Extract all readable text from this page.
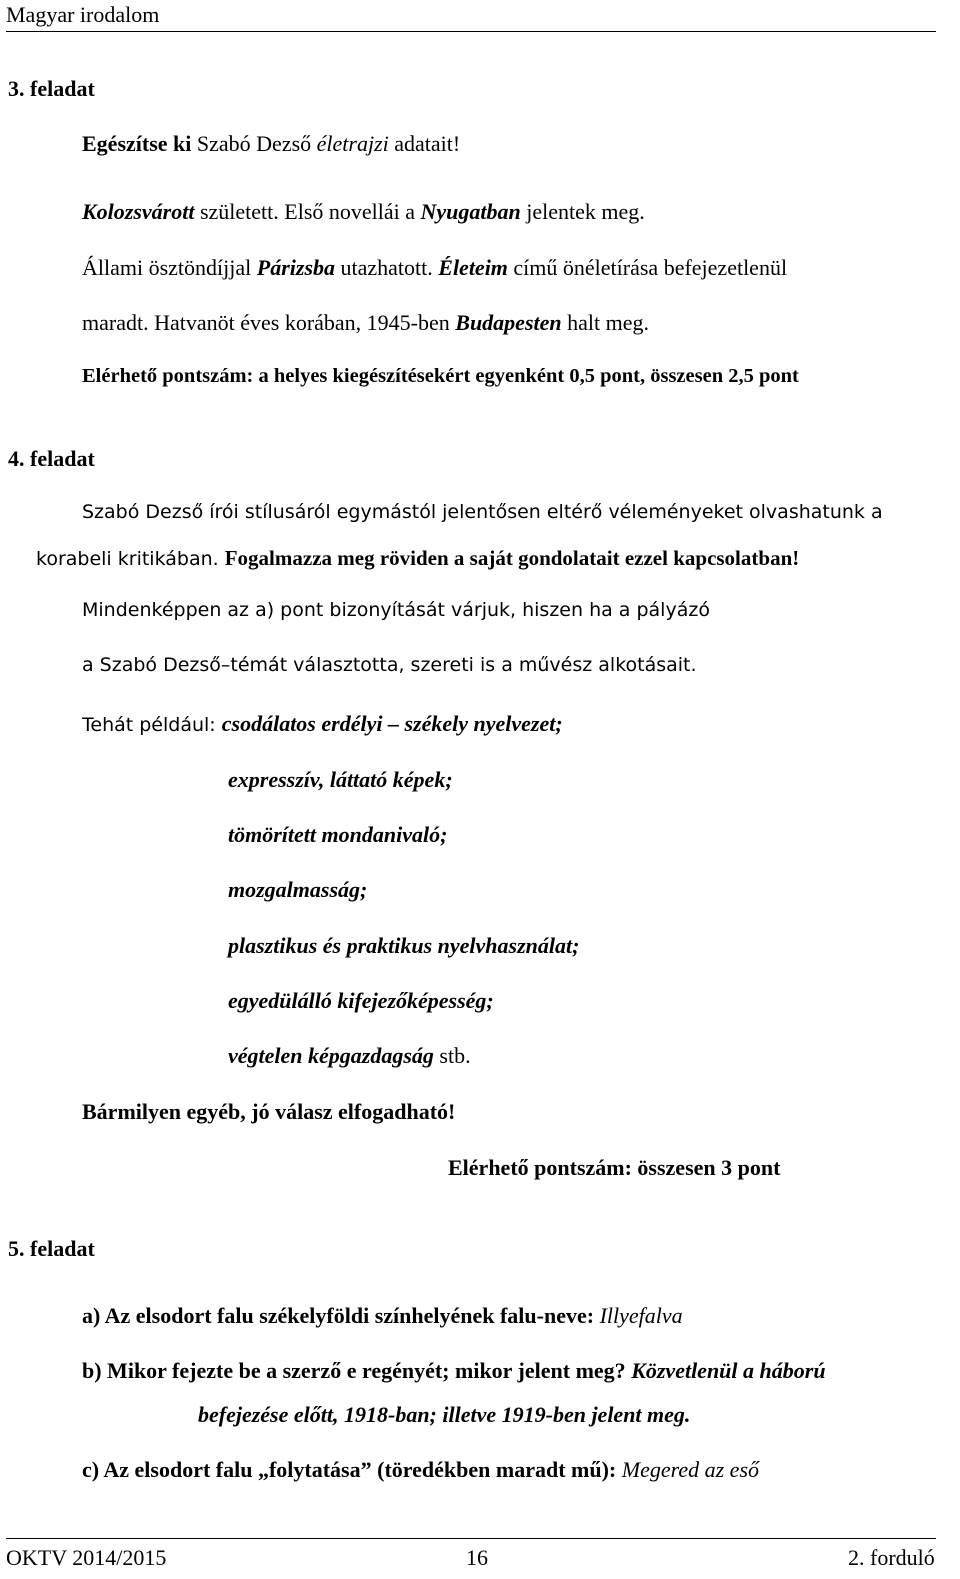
Magyar irodalom
3. feladat
Egészítse ki Szabó Dezső életrajzi adatait!
Kolozsvárott született. Első novellái a Nyugatban jelentek meg.
Állami ösztöndíjjal Párizsba utazhatott. Életeim című önéletírása befejezetlenül
maradt. Hatvanöt éves korában, 1945-ben Budapesten halt meg.
Elérhető pontszám: a helyes kiegészítésekért egyenként 0,5 pont, összesen 2,5 pont
4. feladat
Szabó Dezső írói stílusáról egymástól jelentősen eltérő véleményeket olvashatunk a
korabeli kritikában. Fogalmazza meg röviden a saját gondolatait ezzel kapcsolatban!
Mindenképpen az a) pont bizonyítását várjuk, hiszen ha a pályázó
a Szabó Dezső–témát választotta, szereti is a művész alkotásait.
Tehát például: csodálatos erdélyi – székely nyelvezet;
expresszív, láttató képek;
tömörített mondanivaló;
mozgalmasság;
plasztikus és praktikus nyelvhasználat;
egyedülálló kifejezőképesség;
végtelen képgazdagság stb.
Bármilyen egyéb, jó válasz elfogadható!
Elérhető pontszám: összesen 3 pont
5. feladat
a) Az elsodort falu székelyföldi színhelyének falu-neve: Illyefalva
b) Mikor fejezte be a szerző e regényét; mikor jelent meg? Közvetlenül a háború
befejezése előtt, 1918-ban; illetve 1919-ben jelent meg.
c) Az elsodort falu „folytatása” (töredékben maradt mű): Megered az eső
OKTV 2014/2015	16	2. forduló
